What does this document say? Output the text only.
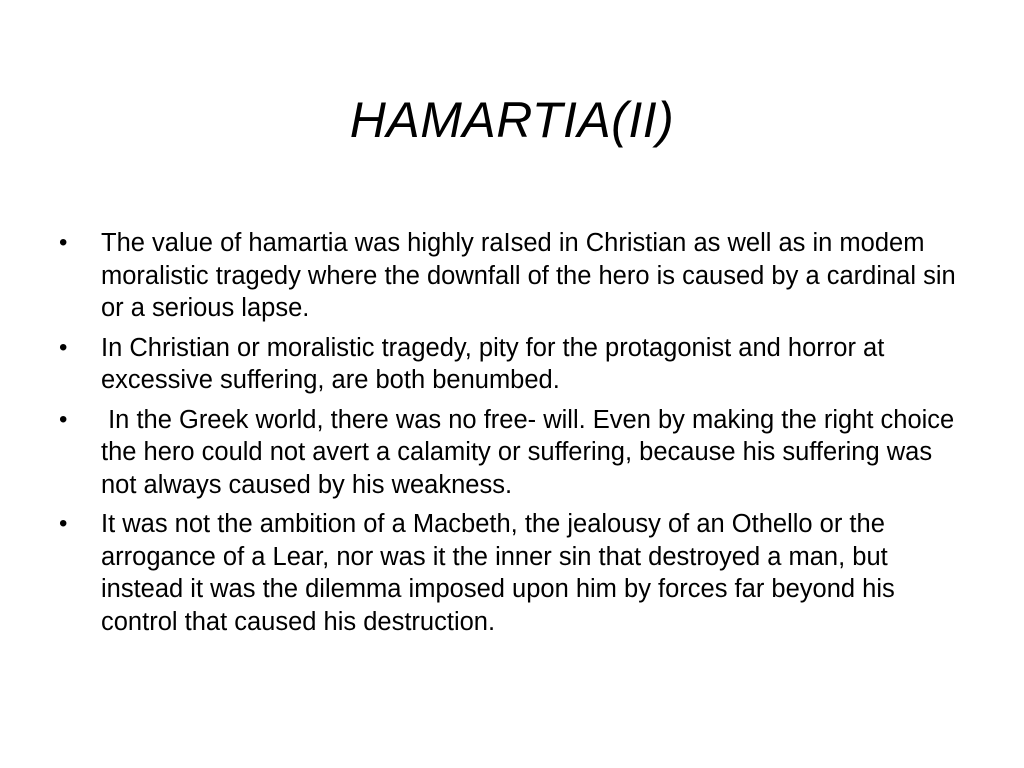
HAMARTIA(II)
• The value of hamartia was highly raIsed in Christian as well as in modem moralistic tragedy where the downfall of the hero is caused by a cardinal sin or a serious lapse.
• In Christian or moralistic tragedy, pity for the protagonist and horror at excessive suffering, are both benumbed.
• In the Greek world, there was no free- will. Even by making the right choice the hero could not avert a calamity or suffering, because his suffering was not always caused by his weakness.
• It was not the ambition of a Macbeth, the jealousy of an Othello or the arrogance of a Lear, nor was it the inner sin that destroyed a man, but instead it was the dilemma imposed upon him by forces far beyond his control that caused his destruction.
